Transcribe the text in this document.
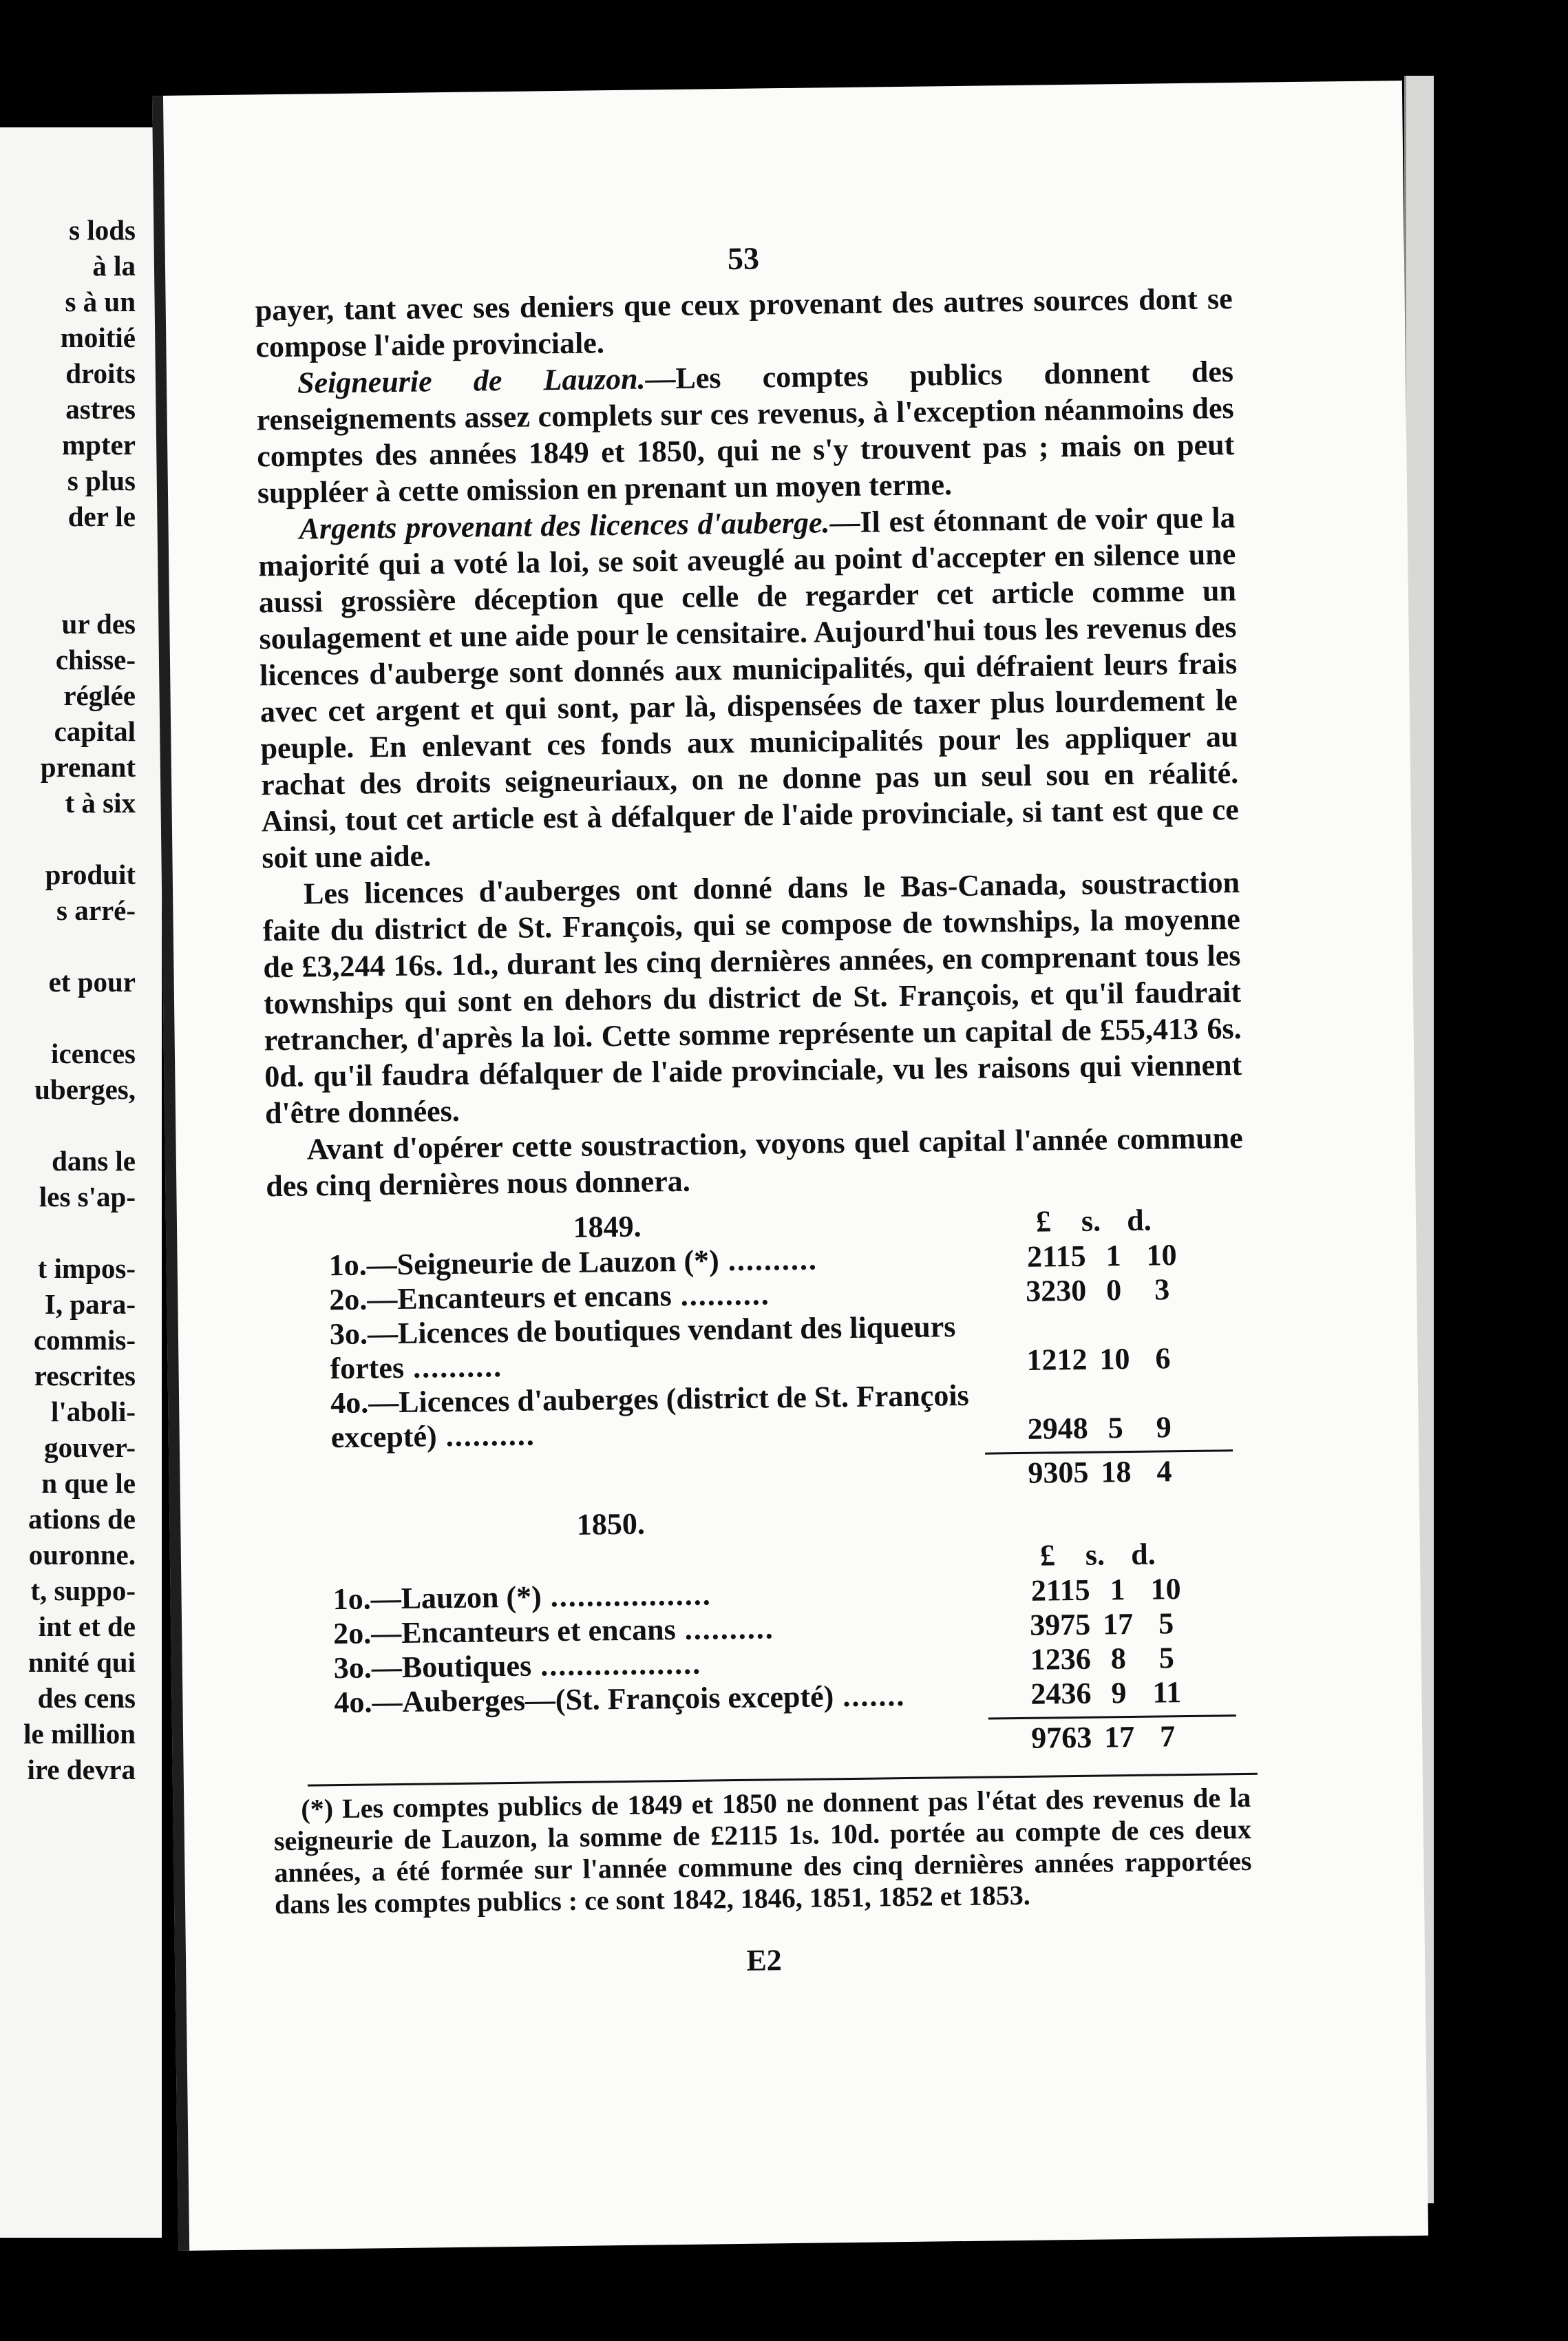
s lods
à la
s à un
moitié
droits
astres
mpter
s plus
der le
ur des
chisse-
réglée
capital
prenant
t à six
produit
s arré-
et pour
icences
uberges,
dans le
les s'ap-
t impos-
I, para-
commis-
rescrites
l'aboli-
gouver-
n que le
ations de
ouronne.
t, suppo-
int et de
nnité qui
des cens
le million
ire devra
53

payer, tant avec ses deniers que ceux provenant des autres sources dont se compose l'aide provinciale.

Seigneurie de Lauzon.—Les comptes publics donnent des renseignements assez complets sur ces revenus, à l'exception néanmoins des comptes des années 1849 et 1850, qui ne s'y trouvent pas ; mais on peut suppléer à cette omission en prenant un moyen terme.

Argents provenant des licences d'auberge.—Il est étonnant de voir que la majorité qui a voté la loi, se soit aveuglé au point d'accepter en silence une aussi grossière déception que celle de regarder cet article comme un soulagement et une aide pour le censitaire. Aujourd'hui tous les revenus des licences d'auberge sont donnés aux municipalités, qui défraient leurs frais avec cet argent et qui sont, par là, dispensées de taxer plus lourdement le peuple. En enlevant ces fonds aux municipalités pour les appliquer au rachat des droits seigneuriaux, on ne donne pas un seul sou en réalité. Ainsi, tout cet article est à défalquer de l'aide provinciale, si tant est que ce soit une aide.

Les licences d'auberges ont donné dans le Bas-Canada, soustraction faite du district de St. François, qui se compose de townships, la moyenne de £3,244 16s. 1d., durant les cinq dernières années, en comprenant tous les townships qui sont en dehors du district de St. François, et qu'il faudrait retrancher, d'après la loi. Cette somme représente un capital de £55,413 6s. 0d. qu'il faudra défalquer de l'aide provinciale, vu les raisons qui viennent d'être données.

Avant d'opérer cette soustraction, voyons quel capital l'année commune des cinq dernières nous donnera.

1849.	£ s. d.
1o.—Seigneurie de Lauzon (*) ..........	2115 1 10
2o.—Encanteurs et encans ..........	3230 0	3
3o.—Licences de boutiques vendant des liqueurs fortes ..........	1212 10 6
4o.—Licences d'auberges (district de St. François excepté) ..........	2948 5	9
9305 18 4
1850.
£ s. d.
1o.—Lauzon (*) ..................	2115 1 10
2o.—Encanteurs et encans ..........	3975 17 5
3o.—Boutiques ..................	1236 8	5
4o.—Auberges—(St. François excepté) .......	2436 9 11
9763 17 7

(*) Les comptes publics de 1849 et 1850 ne donnent pas l'état des revenus de la seigneurie de Lauzon, la somme de £2115 1s. 10d. portée au compte de ces deux années, a été formée sur l'année commune des cinq dernières années rapportées dans les comptes publics : ce sont 1842, 1846, 1851, 1852 et 1853.

E2
